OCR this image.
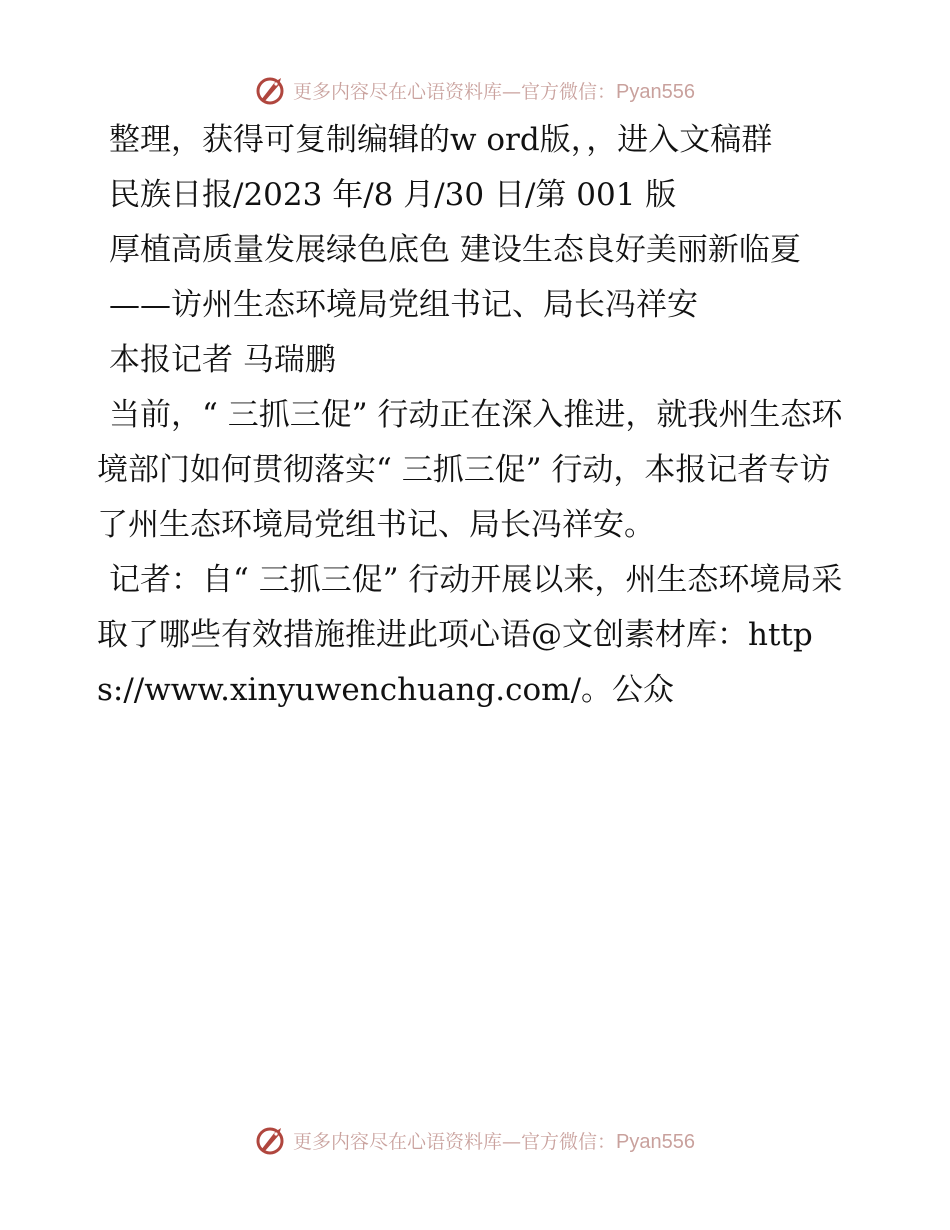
更多内容尽在心语资料库—官方微信：Pyan556

整理，获得可复制编辑的w ord版，，进入文稿群

民族日报/2023 年/8 月/30 日/第 001 版

厚植高质量发展绿色底色 建设生态良好美丽新临夏

——访州生态环境局党组书记、局长冯祥安

本报记者 马瑞鹏

当前，“ 三抓三促” 行动正在深入推进，就我州生态环境部门如何贯彻落实“ 三抓三促” 行动，本报记者专访了州生态环境局党组书记、局长冯祥安。

记者：自“ 三抓三促” 行动开展以来，州生态环境局采取了哪些有效措施推进此项心语@文创素材库：https://www.xinyuwenchuang.com/。公众

更多内容尽在心语资料库—官方微信：Pyan556
